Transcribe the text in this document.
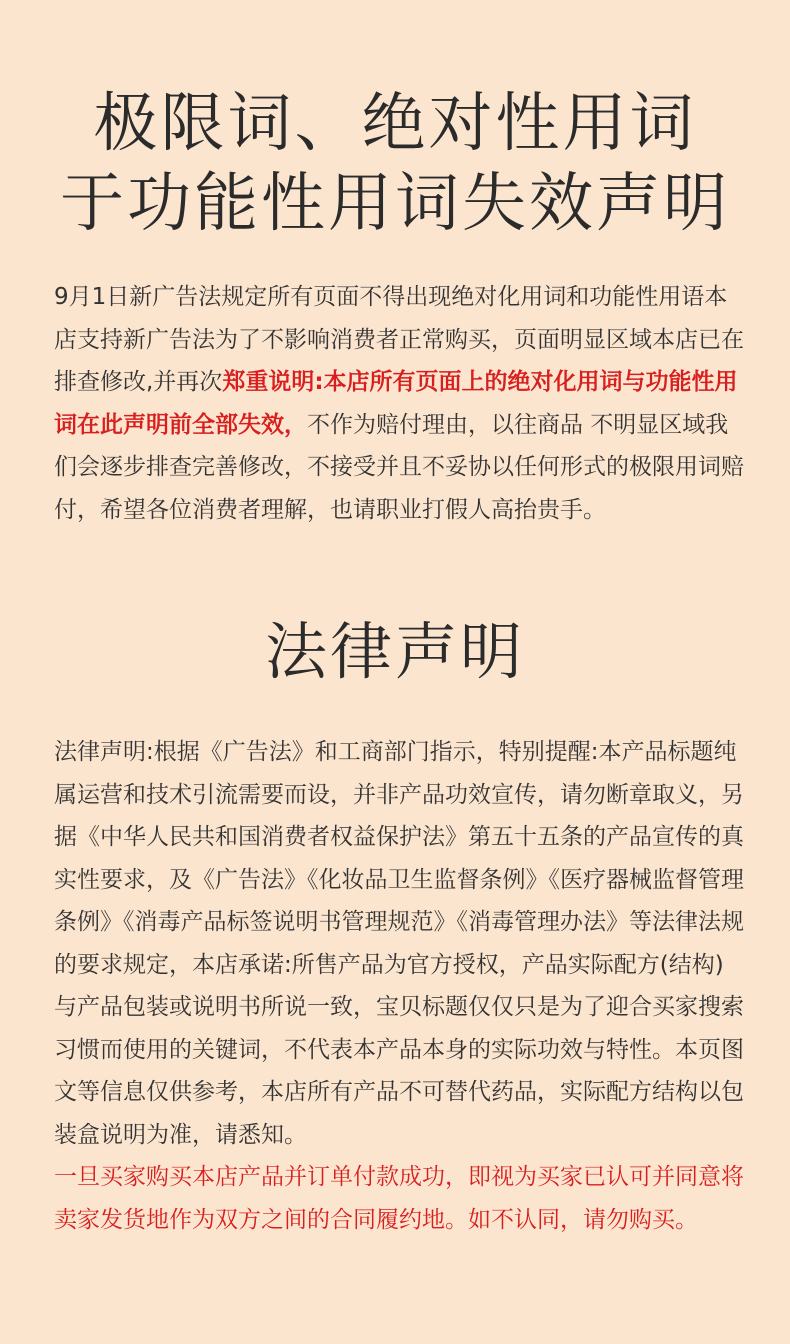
极限词、绝对性用词
于功能性用词失效声明
9月1日新广告法规定所有页面不得出现绝对化用词和功能性用语本店支持新广告法为了不影响消费者正常购买，页面明显区域本店已在排查修改,并再次郑重说明:本店所有页面上的绝对化用词与功能性用词在此声明前全部失效，不作为赔付理由，以往商品 不明显区域我们会逐步排查完善修改，不接受并且不妥协以任何形式的极限用词赔付，希望各位消费者理解，也请职业打假人高抬贵手。
法律声明
法律声明:根据《广告法》和工商部门指示，特别提醒:本产品标题纯属运营和技术引流需要而设，并非产品功效宣传，请勿断章取义，另据《中华人民共和国消费者权益保护法》第五十五条的产品宣传的真实性要求，及《广告法》《化妆品卫生监督条例》《医疗器械监督管理条例》《消毒产品标签说明书管理规范》《消毒管理办法》等法律法规的要求规定，本店承诺:所售产品为官方授权，产品实际配方(结构)与产品包装或说明书所说一致，宝贝标题仅仅只是为了迎合买家搜索习惯而使用的关键词，不代表本产品本身的实际功效与特性。本页图文等信息仅供参考，本店所有产品不可替代药品，实际配方结构以包装盒说明为准，请悉知。
一旦买家购买本店产品并订单付款成功，即视为买家已认可并同意将卖家发货地作为双方之间的合同履约地。如不认同，请勿购买。
